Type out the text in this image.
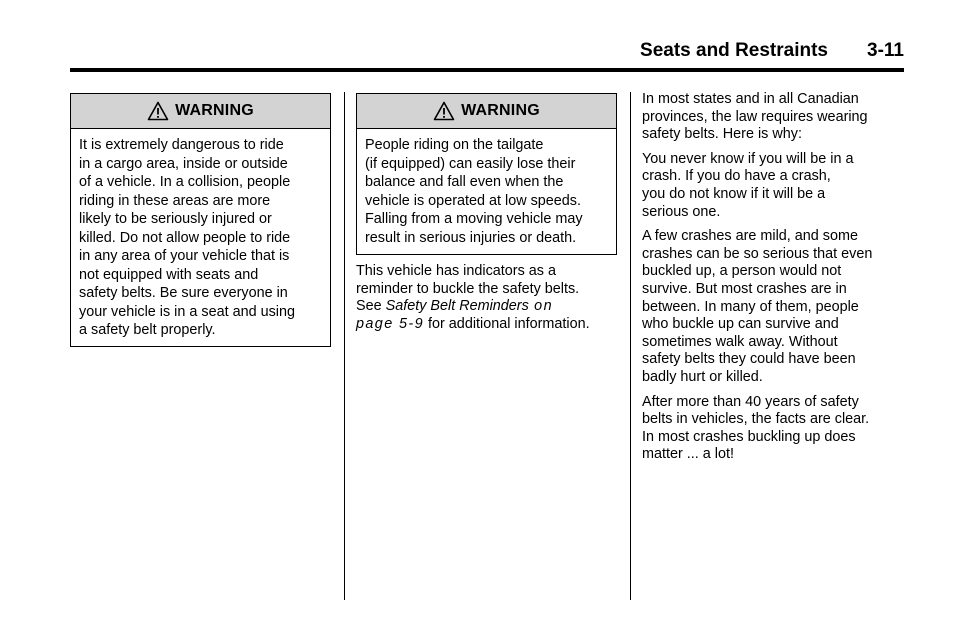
Seats and Restraints 3-11
WARNING
It is extremely dangerous to ride
in a cargo area, inside or outside
of a vehicle. In a collision, people
riding in these areas are more
likely to be seriously injured or
killed. Do not allow people to ride
in any area of your vehicle that is
not equipped with seats and
safety belts. Be sure everyone in
your vehicle is in a seat and using
a safety belt properly.
WARNING
People riding on the tailgate
(if equipped) can easily lose their
balance and fall even when the
vehicle is operated at low speeds.
Falling from a moving vehicle may
result in serious injuries or death.
This vehicle has indicators as a
reminder to buckle the safety belts.
See Safety Belt Reminders on
page 5‑9 for additional information.

In most states and in all Canadian
provinces, the law requires wearing
safety belts. Here is why:

You never know if you will be in a
crash. If you do have a crash,
you do not know if it will be a
serious one.

A few crashes are mild, and some
crashes can be so serious that even
buckled up, a person would not
survive. But most crashes are in
between. In many of them, people
who buckle up can survive and
sometimes walk away. Without
safety belts they could have been
badly hurt or killed.

After more than 40 years of safety
belts in vehicles, the facts are clear.
In most crashes buckling up does
matter ... a lot!
